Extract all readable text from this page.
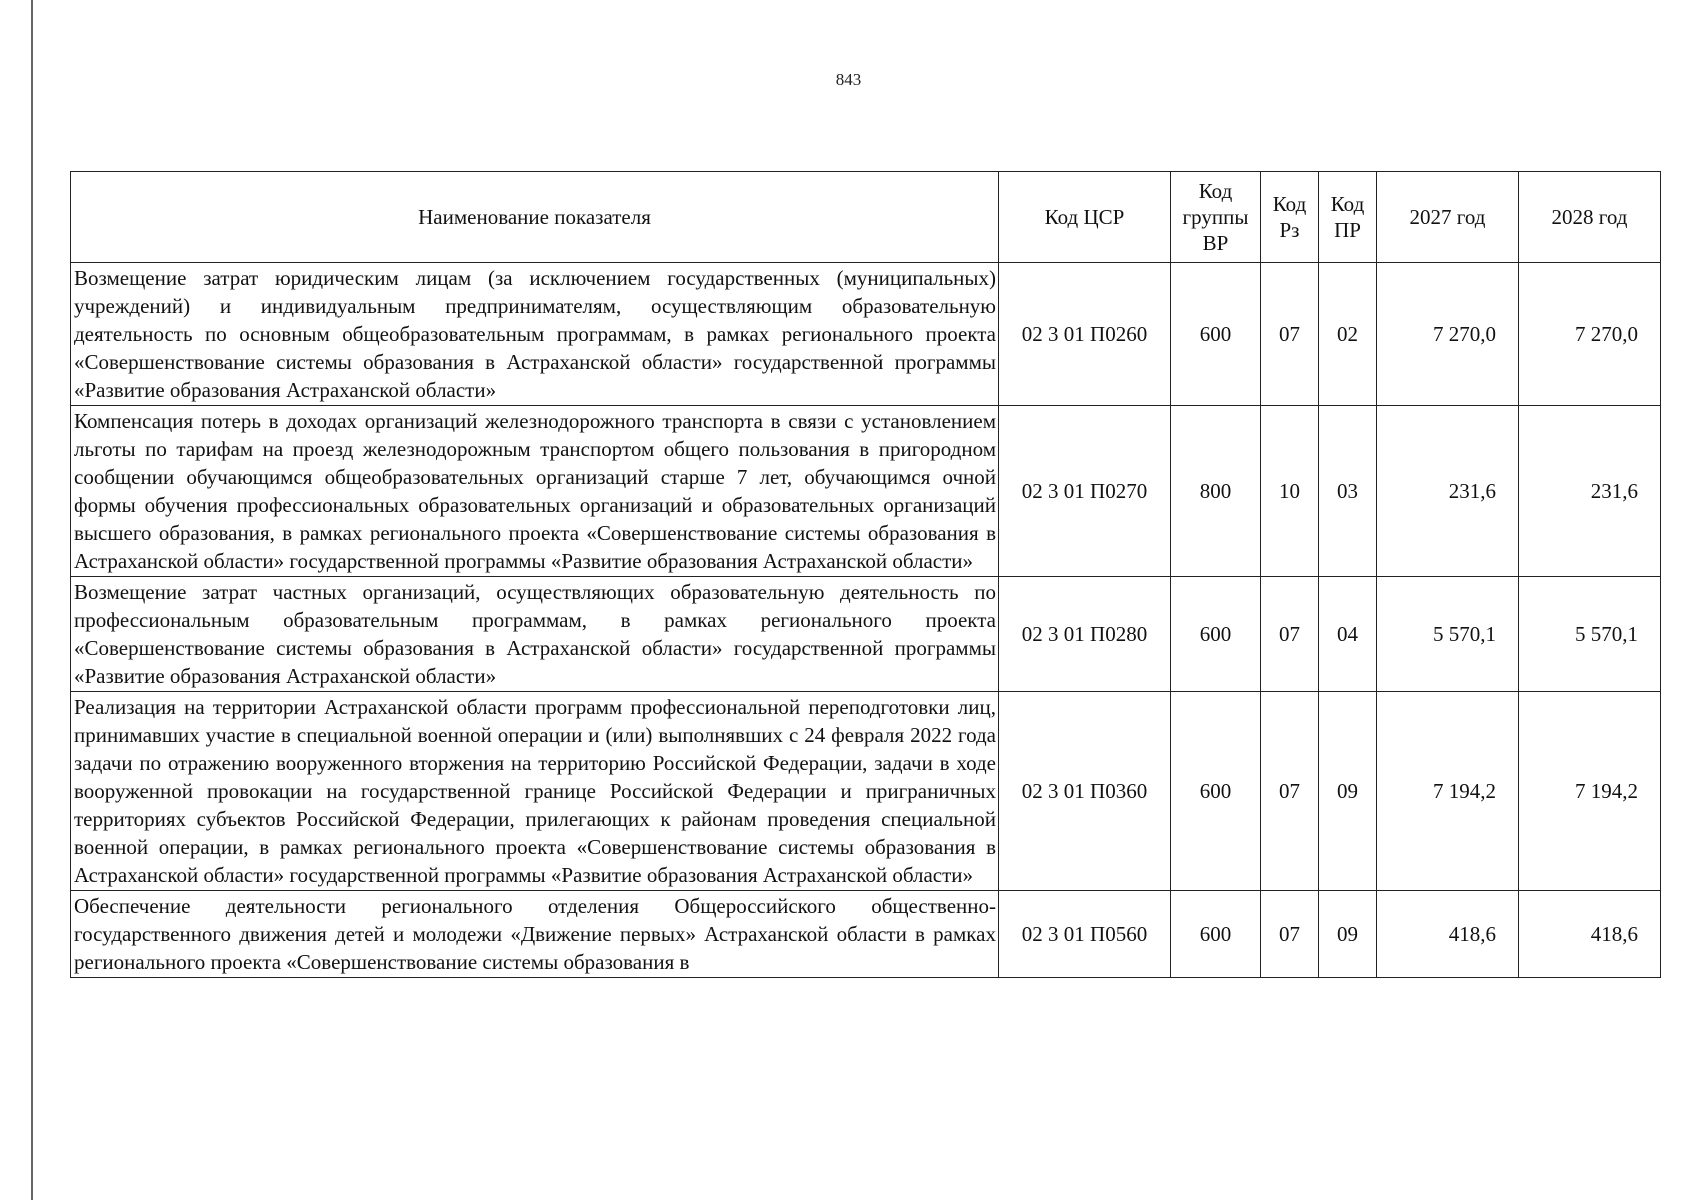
843
Наименование показателя	Код ЦСР	Код группы ВР	Код Рз	Код ПР	2027 год	2028 год
Возмещение затрат юридическим лицам (за исключением государственных (муниципальных) учреждений) и индивидуальным предпринимателям, осуществляющим образовательную деятельность по основным общеобразовательным программам, в рамках регионального проекта «Совершенствование системы образования в Астраханской области» государственной программы «Развитие образования Астраханской области»	02 3 01 П0260	600	07	02	7 270,0	7 270,0
Компенсация потерь в доходах организаций железнодорожного транспорта в связи с установлением льготы по тарифам на проезд железнодорожным транспортом общего пользования в пригородном сообщении обучающимся общеобразовательных организаций старше 7 лет, обучающимся очной формы обучения профессиональных образовательных организаций и образовательных организаций высшего образования, в рамках регионального проекта «Совершенствование системы образования в Астраханской области» государственной программы «Развитие образования Астраханской области»	02 3 01 П0270	800	10	03	231,6	231,6
Возмещение затрат частных организаций, осуществляющих образовательную деятельность по профессиональным образовательным программам, в рамках регионального проекта «Совершенствование системы образования в Астраханской области» государственной программы «Развитие образования Астраханской области»	02 3 01 П0280	600	07	04	5 570,1	5 570,1
Реализация на территории Астраханской области программ профессиональной переподготовки лиц, принимавших участие в специальной военной операции и (или) выполнявших с 24 февраля 2022 года задачи по отражению вооруженного вторжения на территорию Российской Федерации, задачи в ходе вооруженной провокации на государственной границе Российской Федерации и приграничных территориях субъектов Российской Федерации, прилегающих к районам проведения специальной военной операции, в рамках регионального проекта «Совершенствование системы образования в Астраханской области» государственной программы «Развитие образования Астраханской области»	02 3 01 П0360	600	07	09	7 194,2	7 194,2
Обеспечение деятельности регионального отделения Общероссийского общественно-государственного движения детей и молодежи «Движение первых» Астраханской области в рамках регионального проекта «Совершенствование системы образования в	02 3 01 П0560	600	07	09	418,6	418,6
